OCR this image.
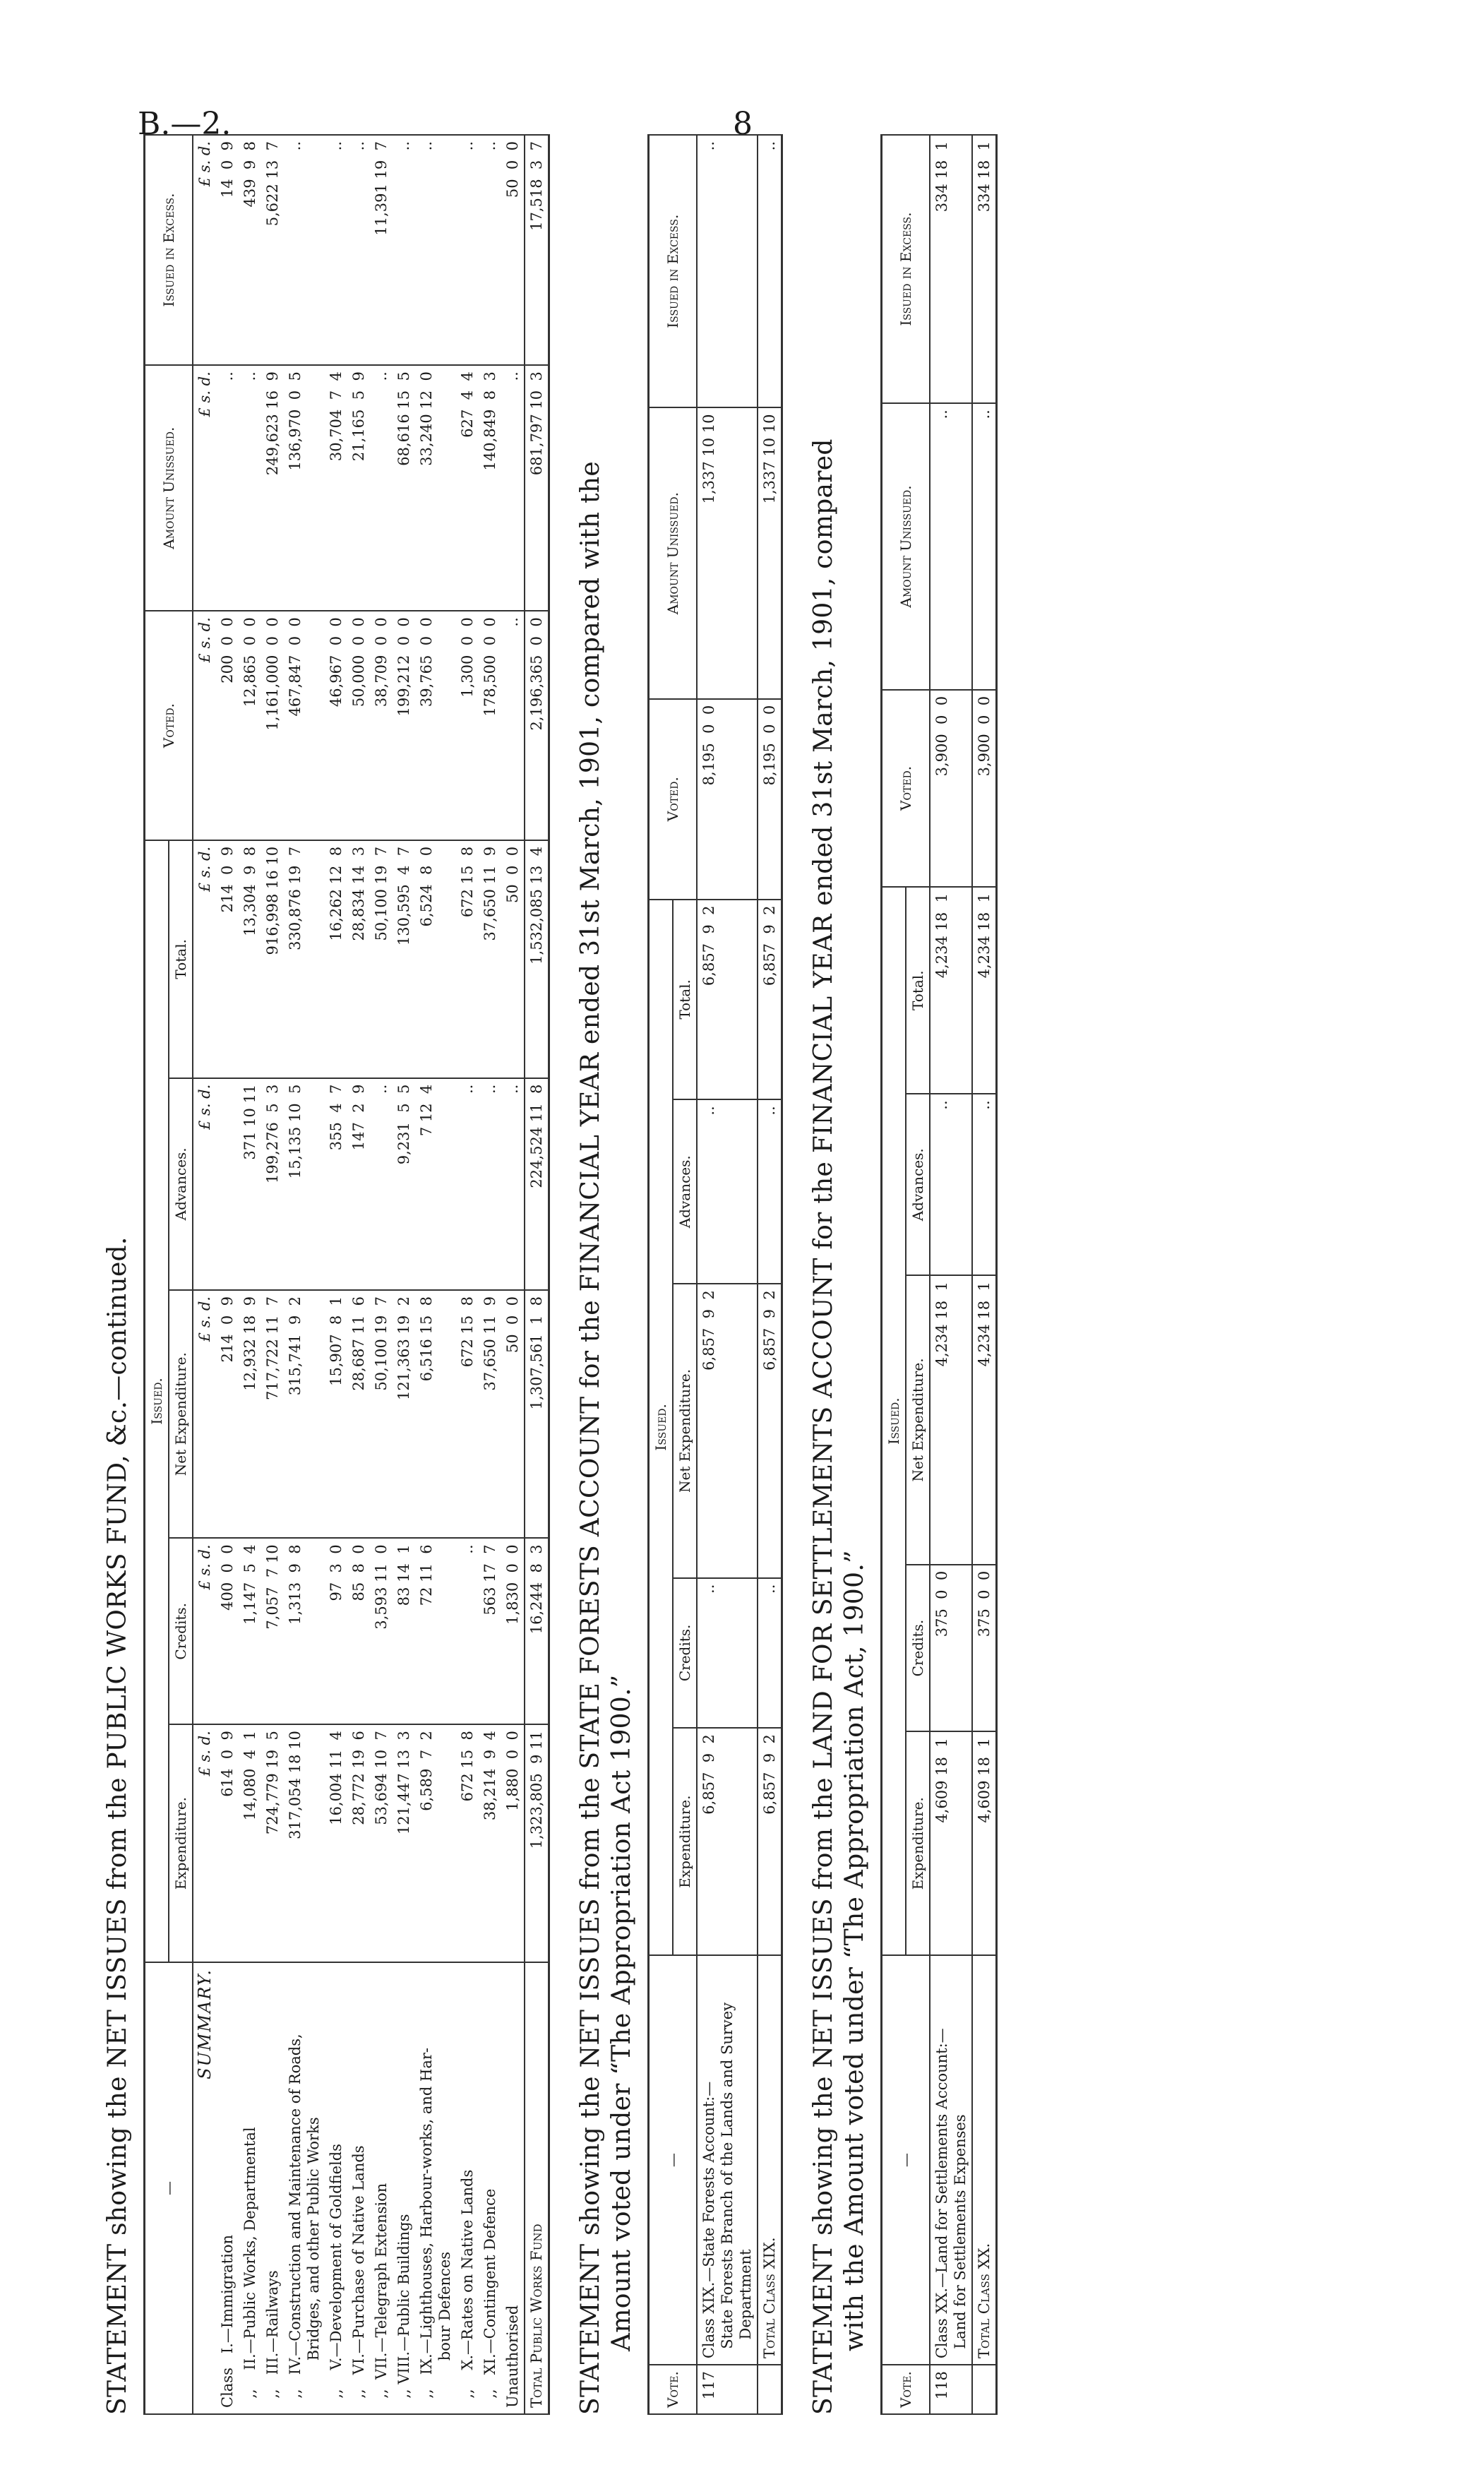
B.—2.	8
STATEMENT showing the NET ISSUES from the PUBLIC WORKS FUND, &c.—continued. —	Issued.					Voted.	Amount Unissued.	Issued in Excess.
	Expenditure.	Credits.	Net Expenditure.	Advances.	Total.			
SUMMARY.	£ s. d.	£ s. d.	£ s. d.	£ s. d.	£ s. d.	£ s. d.	£ s. d.	£ s. d.
Class   I.—Immigration	614  0  9	400  0  0	214  0  9		214  0  9	200  0  0	..	14  0  9
,,    II.—Public Works, Departmental	14,080  4  1	1,147  5  4	12,932 18  9	371 10 11	13,304  9  8	12,865  0  0	..	439  9  8
,,   III.—Railways	724,779 19  5	7,057  7 10	717,722 11  7	199,276  5  3	916,998 16 10	1,161,000  0  0	249,623 16  9	5,622 13  7
,,   IV.—Construction and Maintenance of Roads,
Bridges, and other Public Works	317,054 18 10	1,313  9  8	315,741  9  2	15,135 10  5	330,876 19  7	467,847  0  0	136,970  0  5	..
,,    V.—Development of Goldfields	16,004 11  4	97  3  0	15,907  8  1	355  4  7	16,262 12  8	46,967  0  0	30,704  7  4	..
,,   VI.—Purchase of Native Lands	28,772 19  6	85  8  0	28,687 11  6	147  2  9	28,834 14  3	50,000  0  0	21,165  5  9	..
,,  VII.—Telegraph Extension	53,694 10  7	3,593 11  0	50,100 19  7	..	50,100 19  7	38,709  0  0	..	11,391 19  7
,, VIII.—Public Buildings	121,447 13  3	83 14  1	121,363 19  2	9,231  5  5	130,595  4  7	199,212  0  0	68,616 15  5	..
,,   IX.—Lighthouses, Harbour-works, and Har-
bour Defences	6,589  7  2	72 11  6	6,516 15  8	7 12  4	6,524  8  0	39,765  0  0	33,240 12  0	..
,,    X.—Rates on Native Lands	672 15  8	..	672 15  8	..	672 15  8	1,300  0  0	627  4  4	..
,,   XI.—Contingent Defence	38,214  9  4	563 17  7	37,650 11  9	..	37,650 11  9	178,500  0  0	140,849  8  3	..
Unauthorised	1,880  0  0	1,830  0  0	50  0  0	..	50  0  0	..	..	50  0  0
Total Public Works Fund	1,323,805  9 11	16,244  8  3	1,307,561  1  8	224,524 11  8	1,532,085 13  4	2,196,365  0  0	681,797 10  3	17,518  3  7
STATEMENT showing the NET ISSUES from the STATE FORESTS ACCOUNT for the FINANCIAL YEAR ended 31st March, 1901, compared with the Amount voted under “The Appropriation Act 1900.”
Vote.	—	Issued.					Voted.	Amount Unissued.	Issued in Excess.
		Expenditure.	Credits.	Net Expenditure.	Advances.	Total.			
117	Class XIX.—State Forests Account:—
State Forests Branch of the Lands and Survey
Department	6,857  9  2	..	6,857  9  2	..	6,857  9  2	8,195  0  0	1,337 10 10	..
	Total Class XIX.	6,857  9  2	..	6,857  9  2	..	6,857  9  2	8,195  0  0	1,337 10 10	..
STATEMENT showing the NET ISSUES from the LAND FOR SETTLEMENTS ACCOUNT for the FINANCIAL YEAR ended 31st March, 1901, compared with the Amount voted under “The Appropriation Act, 1900.”
Vote.	—	Issued.					Voted.	Amount Unissued.	Issued in Excess.
		Expenditure.	Credits.	Net Expenditure.	Advances.	Total.			
118	Class XX.—Land for Settlements Account:—
Land for Settlements Expenses	4,609 18  1	375  0  0	4,234 18  1	..	4,234 18  1	3,900  0  0	..	334 18  1
	Total Class XX.	4,609 18  1	375  0  0	4,234 18  1	..	4,234 18  1	3,900  0  0	..	334 18  1
